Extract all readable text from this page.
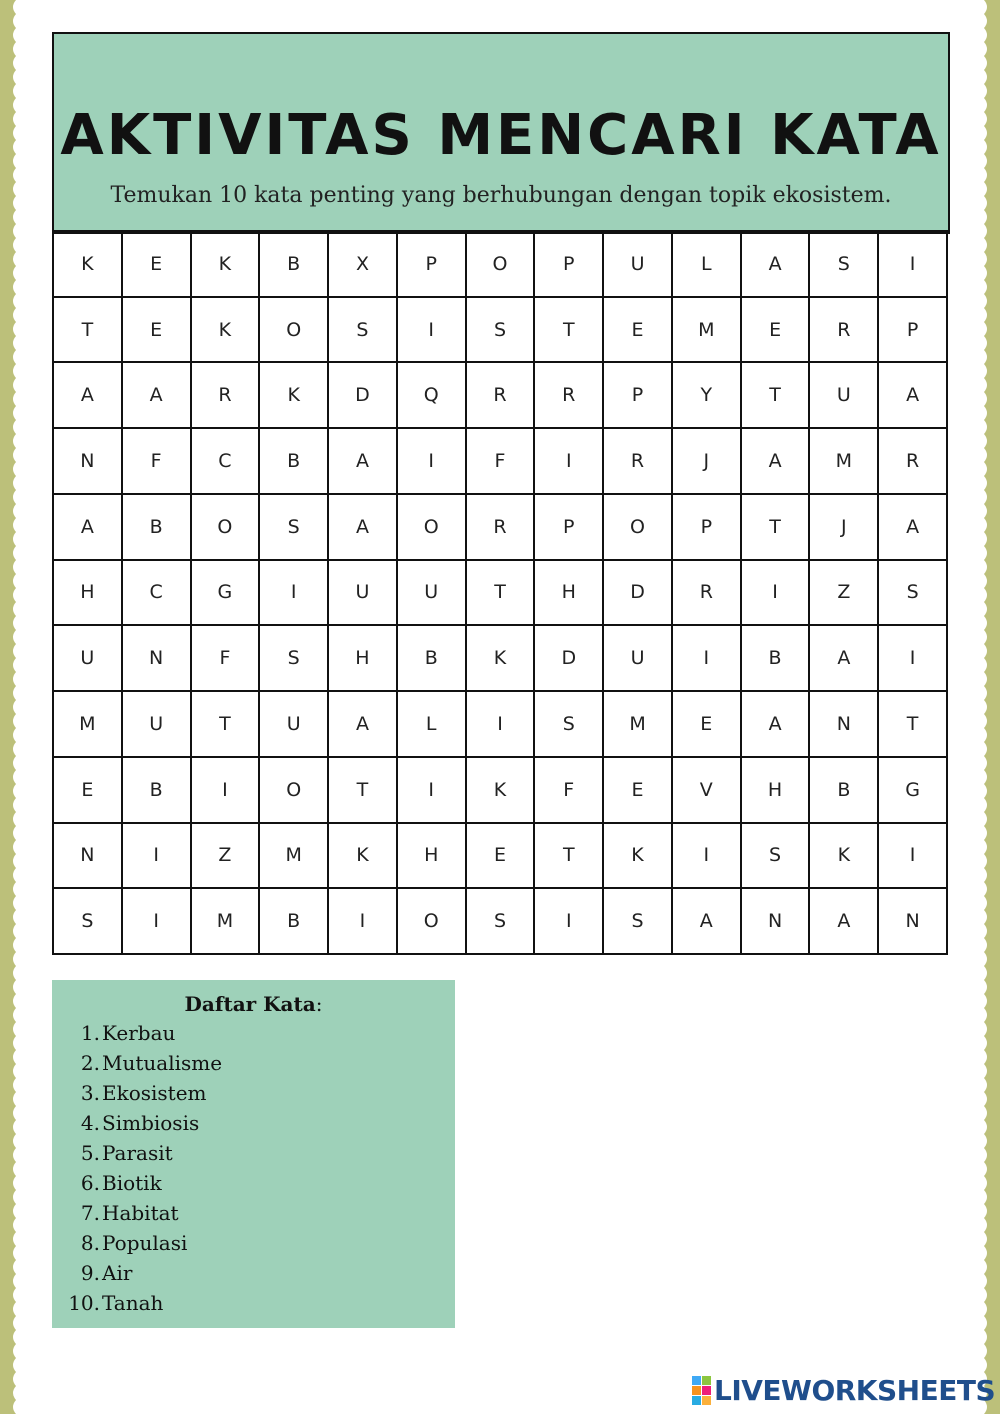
AKTIVITAS MENCARI KATA

Temukan 10 kata penting yang berhubungan dengan topik ekosistem.

K	E	K	B	X	P	O	P	U	L	A	S	I
T	E	K	O	S	I	S	T	E	M	E	R	P
A	A	R	K	D	Q	R	R	P	Y	T	U	A
N	F	C	B	A	I	F	I	R	J	A	M	R
A	B	O	S	A	O	R	P	O	P	T	J	A
H	C	G	I	U	U	T	H	D	R	I	Z	S
U	N	F	S	H	B	K	D	U	I	B	A	I
M	U	T	U	A	L	I	S	M	E	A	N	T
E	B	I	O	T	I	K	F	E	V	H	B	G
N	I	Z	M	K	H	E	T	K	I	S	K	I
S	I	M	B	I	O	S	I	S	A	N	A	N
Daftar Kata:
1. Kerbau
2. Mutualisme
3. Ekosistem
4. Simbiosis
5. Parasit
6. Biotik
7. Habitat
8. Populasi
9. Air
10. Tanah
LIVEWORKSHEETS
